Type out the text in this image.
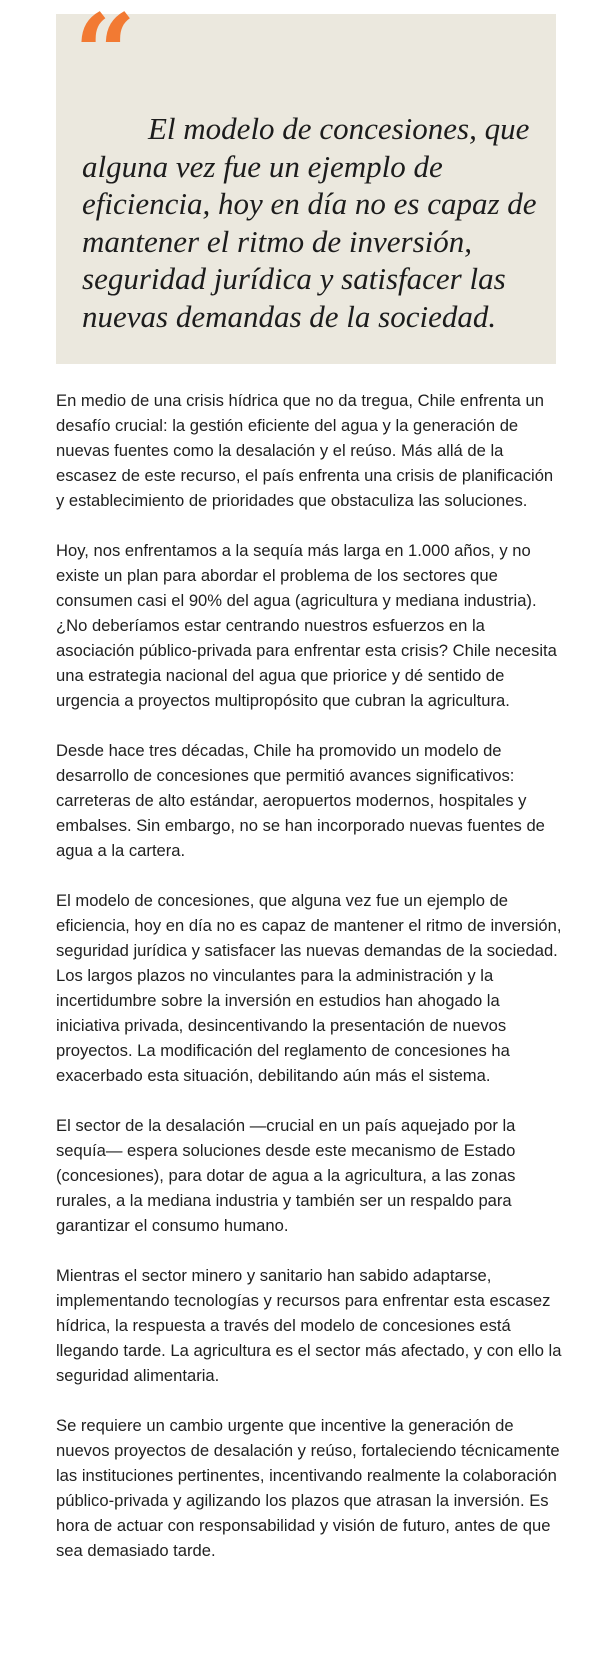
“

El modelo de concesiones, que alguna vez fue un ejemplo de eficiencia, hoy en día no es capaz de mantener el ritmo de inversión, seguridad jurídica y satisfacer las nuevas demandas de la sociedad.

En medio de una crisis hídrica que no da tregua, Chile enfrenta un desafío crucial: la gestión eficiente del agua y la generación de nuevas fuentes como la desalación y el reúso. Más allá de la escasez de este recurso, el país enfrenta una crisis de planificación y establecimiento de prioridades que obstaculiza las soluciones.

Hoy, nos enfrentamos a la sequía más larga en 1.000 años, y no existe un plan para abordar el problema de los sectores que consumen casi el 90% del agua (agricultura y mediana industria). ¿No deberíamos estar centrando nuestros esfuerzos en la asociación público-privada para enfrentar esta crisis? Chile necesita una estrategia nacional del agua que priorice y dé sentido de urgencia a proyectos multipropósito que cubran la agricultura.

Desde hace tres décadas, Chile ha promovido un modelo de desarrollo de concesiones que permitió avances significativos: carreteras de alto estándar, aeropuertos modernos, hospitales y embalses. Sin embargo, no se han incorporado nuevas fuentes de agua a la cartera.

El modelo de concesiones, que alguna vez fue un ejemplo de eficiencia, hoy en día no es capaz de mantener el ritmo de inversión, seguridad jurídica y satisfacer las nuevas demandas de la sociedad. Los largos plazos no vinculantes para la administración y la incertidumbre sobre la inversión en estudios han ahogado la iniciativa privada, desincentivando la presentación de nuevos proyectos. La modificación del reglamento de concesiones ha exacerbado esta situación, debilitando aún más el sistema.

El sector de la desalación —crucial en un país aquejado por la sequía— espera soluciones desde este mecanismo de Estado (concesiones), para dotar de agua a la agricultura, a las zonas rurales, a la mediana industria y también ser un respaldo para garantizar el consumo humano.

Mientras el sector minero y sanitario han sabido adaptarse, implementando tecnologías y recursos para enfrentar esta escasez hídrica, la respuesta a través del modelo de concesiones está llegando tarde. La agricultura es el sector más afectado, y con ello la seguridad alimentaria.

Se requiere un cambio urgente que incentive la generación de nuevos proyectos de desalación y reúso, fortaleciendo técnicamente las instituciones pertinentes, incentivando realmente la colaboración público-privada y agilizando los plazos que atrasan la inversión. Es hora de actuar con responsabilidad y visión de futuro, antes de que sea demasiado tarde.
